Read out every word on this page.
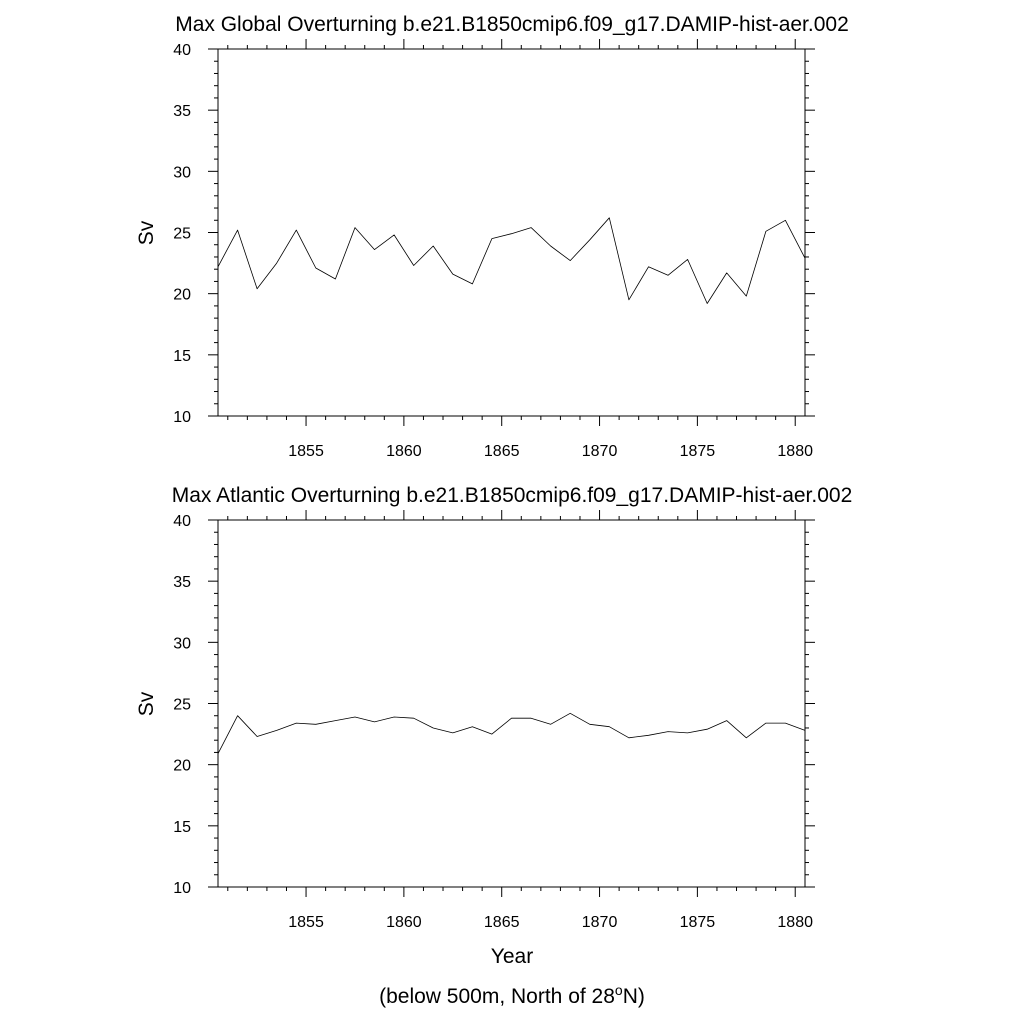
Max Global Overturning b.e21.B1850cmip6.f09_g17.DAMIP-hist-aer.002
Sv
10
15
20
25
30
35
40
1855	1860	1865	1870	1875	1880
Max Atlantic Overturning b.e21.B1850cmip6.f09_g17.DAMIP-hist-aer.002
Sv
10
15
20
25
30
35
40
1855	1860	1865	1870	1875	1880
Year
(below 500m, North of 28$^o$N)
